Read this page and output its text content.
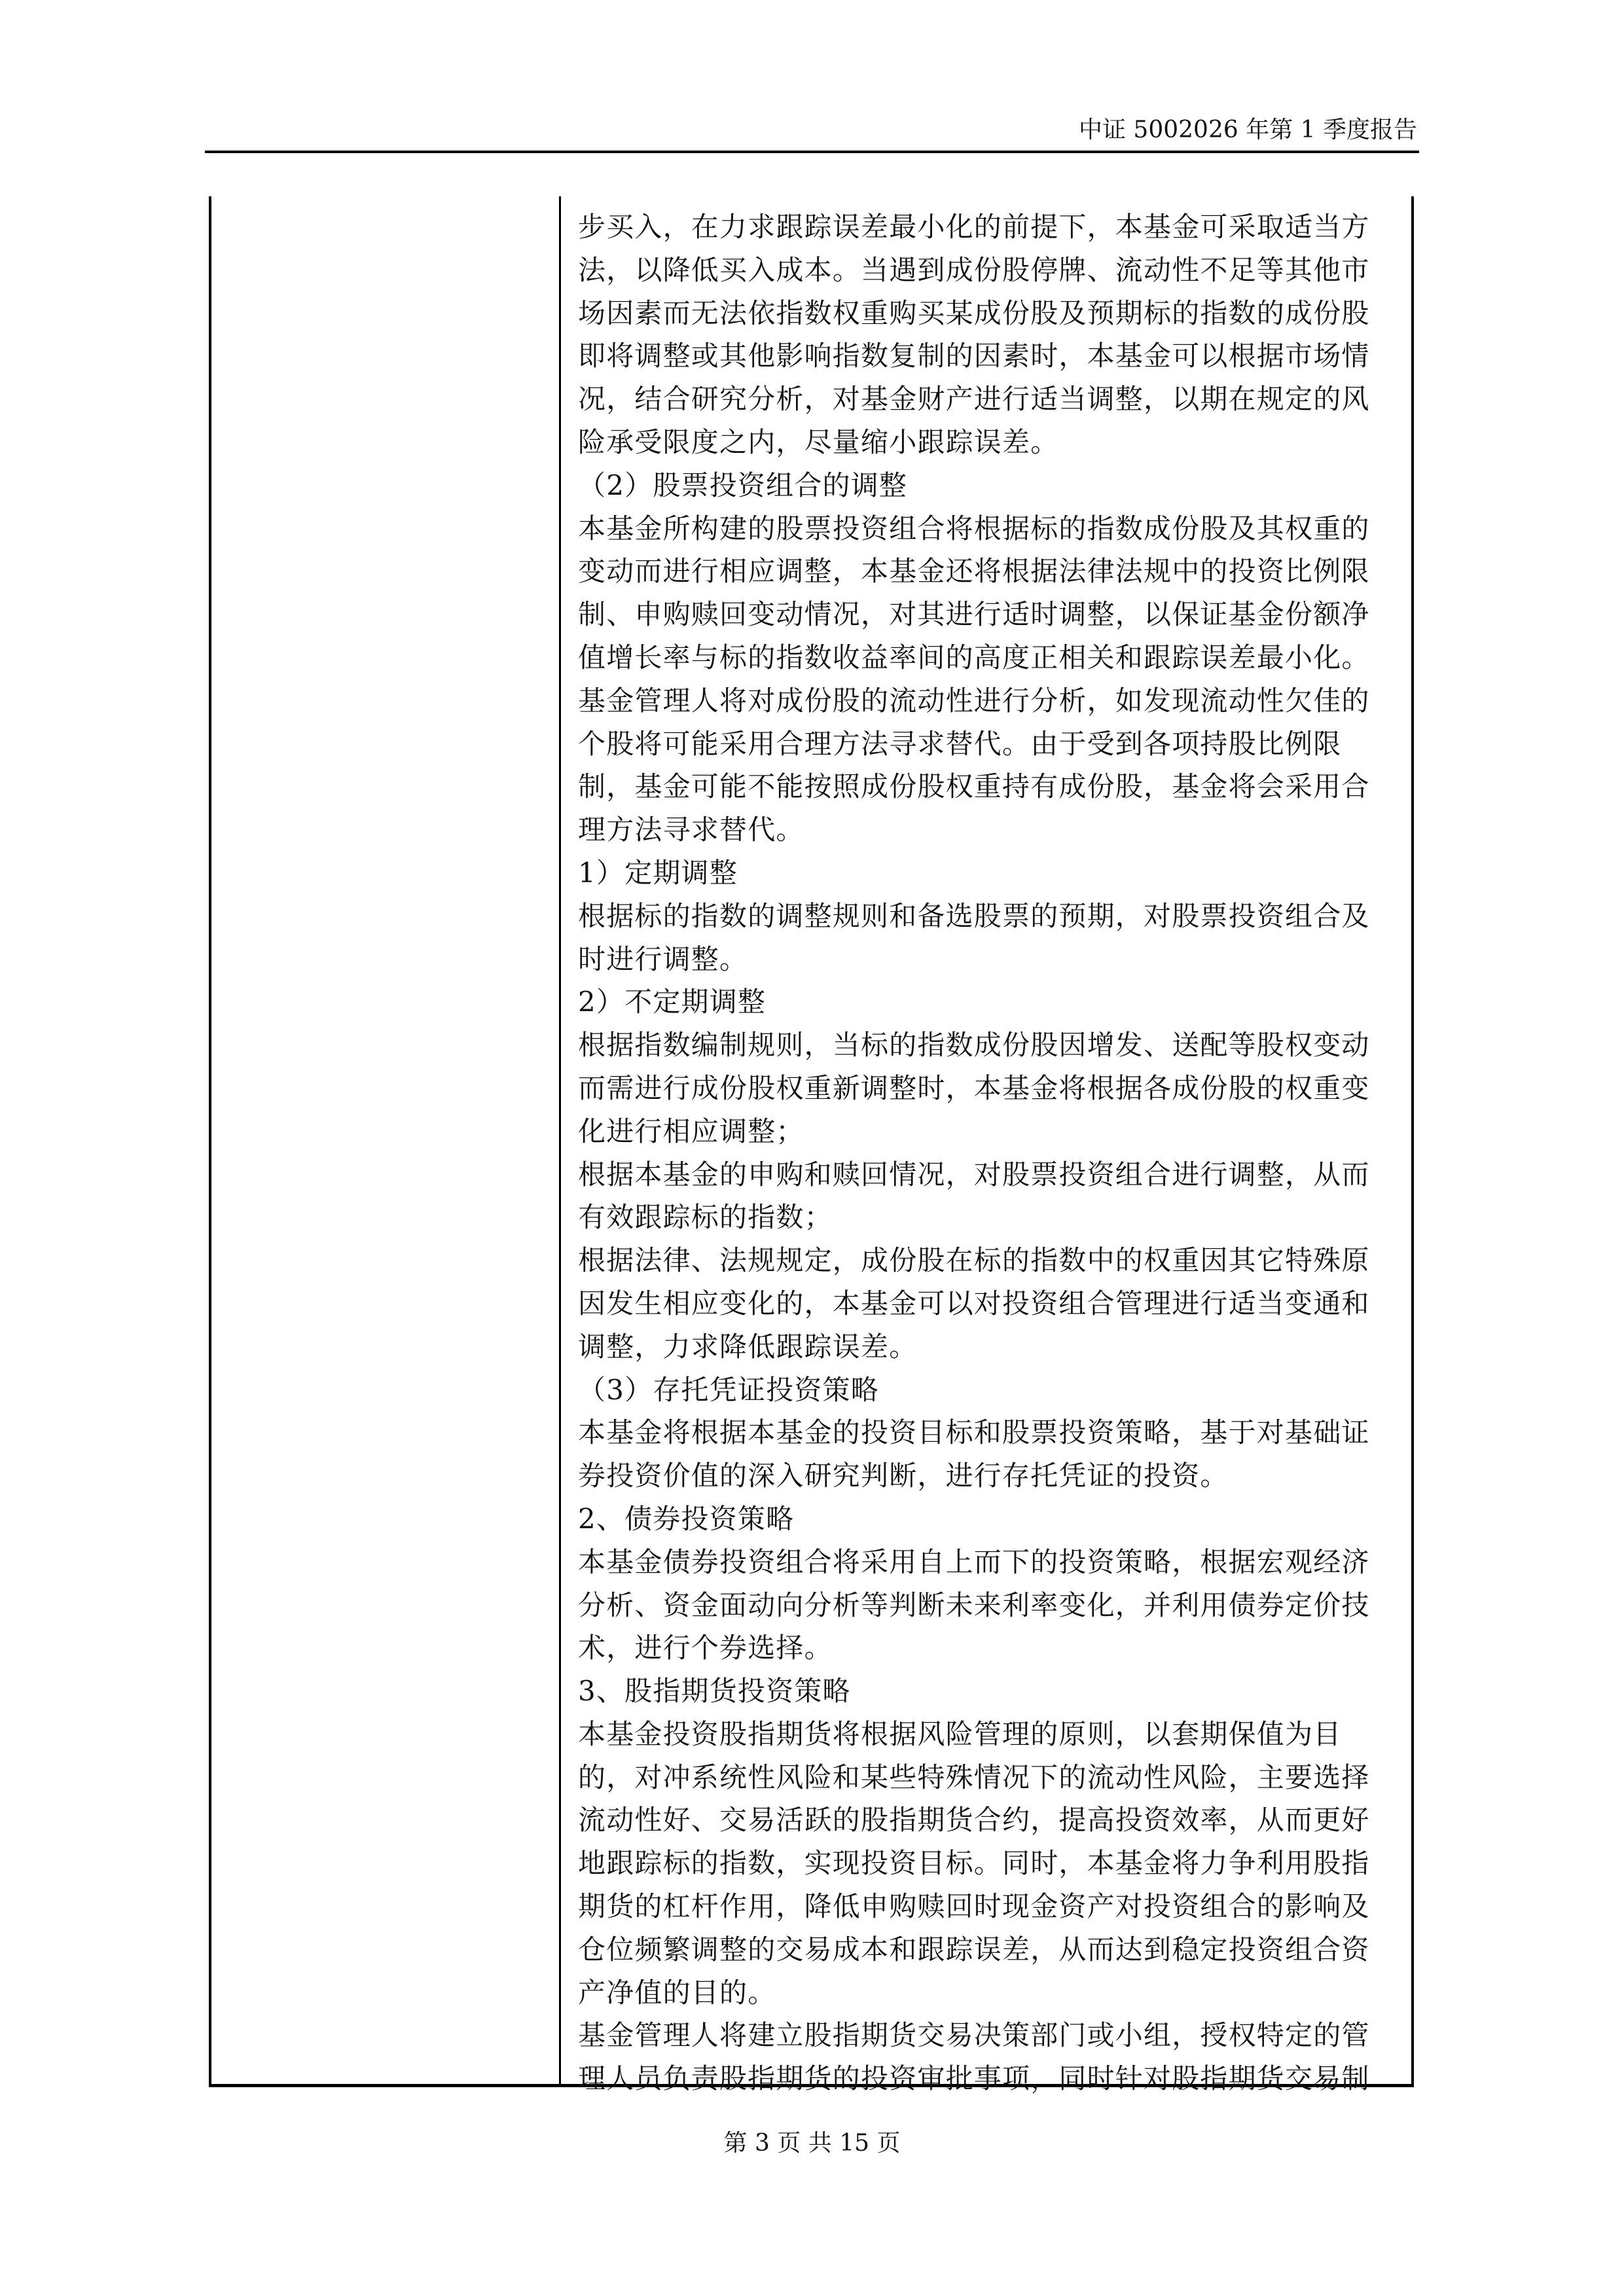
中证 5002026 年第 1 季度报告
步买入，在力求跟踪误差最小化的前提下，本基金可采取适当方
法，以降低买入成本。当遇到成份股停牌、流动性不足等其他市
场因素而无法依指数权重购买某成份股及预期标的指数的成份股
即将调整或其他影响指数复制的因素时，本基金可以根据市场情
况，结合研究分析，对基金财产进行适当调整，以期在规定的风
险承受限度之内，尽量缩小跟踪误差。
（2）股票投资组合的调整
本基金所构建的股票投资组合将根据标的指数成份股及其权重的
变动而进行相应调整，本基金还将根据法律法规中的投资比例限
制、申购赎回变动情况，对其进行适时调整，以保证基金份额净
值增长率与标的指数收益率间的高度正相关和跟踪误差最小化。
基金管理人将对成份股的流动性进行分析，如发现流动性欠佳的
个股将可能采用合理方法寻求替代。由于受到各项持股比例限
制，基金可能不能按照成份股权重持有成份股，基金将会采用合
理方法寻求替代。
1）定期调整
根据标的指数的调整规则和备选股票的预期，对股票投资组合及
时进行调整。
2）不定期调整
根据指数编制规则，当标的指数成份股因增发、送配等股权变动
而需进行成份股权重新调整时，本基金将根据各成份股的权重变
化进行相应调整；
根据本基金的申购和赎回情况，对股票投资组合进行调整，从而
有效跟踪标的指数；
根据法律、法规规定，成份股在标的指数中的权重因其它特殊原
因发生相应变化的，本基金可以对投资组合管理进行适当变通和
调整，力求降低跟踪误差。
（3）存托凭证投资策略
本基金将根据本基金的投资目标和股票投资策略，基于对基础证
券投资价值的深入研究判断，进行存托凭证的投资。
2、债券投资策略
本基金债券投资组合将采用自上而下的投资策略，根据宏观经济
分析、资金面动向分析等判断未来利率变化，并利用债券定价技
术，进行个券选择。
3、股指期货投资策略
本基金投资股指期货将根据风险管理的原则，以套期保值为目
的，对冲系统性风险和某些特殊情况下的流动性风险，主要选择
流动性好、交易活跃的股指期货合约，提高投资效率，从而更好
地跟踪标的指数，实现投资目标。同时，本基金将力争利用股指
期货的杠杆作用，降低申购赎回时现金资产对投资组合的影响及
仓位频繁调整的交易成本和跟踪误差，从而达到稳定投资组合资
产净值的目的。
基金管理人将建立股指期货交易决策部门或小组，授权特定的管
理人员负责股指期货的投资审批事项，同时针对股指期货交易制
第 3 页 共 15 页
